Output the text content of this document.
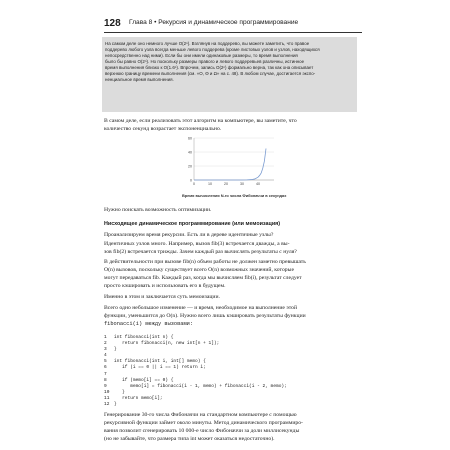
128 Глава 8 • Рекурсия и динамическое программирование
На самом деле оно немного лучше O(2ⁿ). Взглянув на поддерево, вы можете заметить, что правое
поддерево любого узла всегда меньше левого поддерева (кроме листовых узлов и узлов, находящихся
непосредственно над ними). Если бы они имели одинаковые размеры, то время выполнения
было бы равно O(2ⁿ). Но поскольку размеры правого и левого поддеревьев различны, истинное
время выполнения близко к O(1.6ⁿ). Впрочем, запись O(2ⁿ) формально верна, так как она описывает
верхнюю границу времени выполнения (см. «O, Θ и Ω» на с. 48). В любом случае, достигается экспо-
ненциальное время выполнения.
В самом деле, если реализовать этот алгоритм на компьютере, вы заметите, что
количество секунд возрастает экспоненциально.
60
40
20
0
0	10	20	30	40
Время вычисления N-го числа Фибоначчи в секундах
Нужно поискать возможность оптимизации.
Нисходящее динамическое программирование (или мемоизация)
Проанализируем время рекурсии. Есть ли в дереве идентичные узлы?
Идентичных узлов много. Например, вызов fib(3) встречается дважды, а вы-
зов fib(2) встречается трижды. Зачем каждый раз вычислять результаты с нуля?
В действительности при вызове fib(n) объем работы не должен заметно превышать
O(n) вызовов, поскольку существует всего O(n) возможных значений, которые
могут передаваться fib. Каждый раз, когда мы вычисляем fib(i), результат следует
просто кэшировать и использовать его в будущем.
Именно в этом и заключается суть мемоизации.
Всего одно небольшое изменение — и время, необходимое на выполнение этой
функции, уменьшится до O(n). Нужно всего лишь кэшировать результаты функции
fibonacci(i) между вызовами:
1	int fibonacci(int n) {
2	return fibonacci(n, new int[n + 1]);
3	}
4
5	int fibonacci(int i, int[] memo) {
6	if (i == 0 || i == 1) return i;
7
8	if (memo[i] == 0) {
9	memo[i] = fibonacci(i - 1, memo) + fibonacci(i - 2, memo);
10 }
11 return memo[i];
12 }
Генерирование 30-го числа Фибоначчи на стандартном компьютере с помощью
рекурсивной функции займет около минуты. Метод динамического программиро-
вания позволит сгенерировать 10 000-е число Фибоначчи за доли миллисекунды
(но не забывайте, что размера типа int может оказаться недостаточно).
